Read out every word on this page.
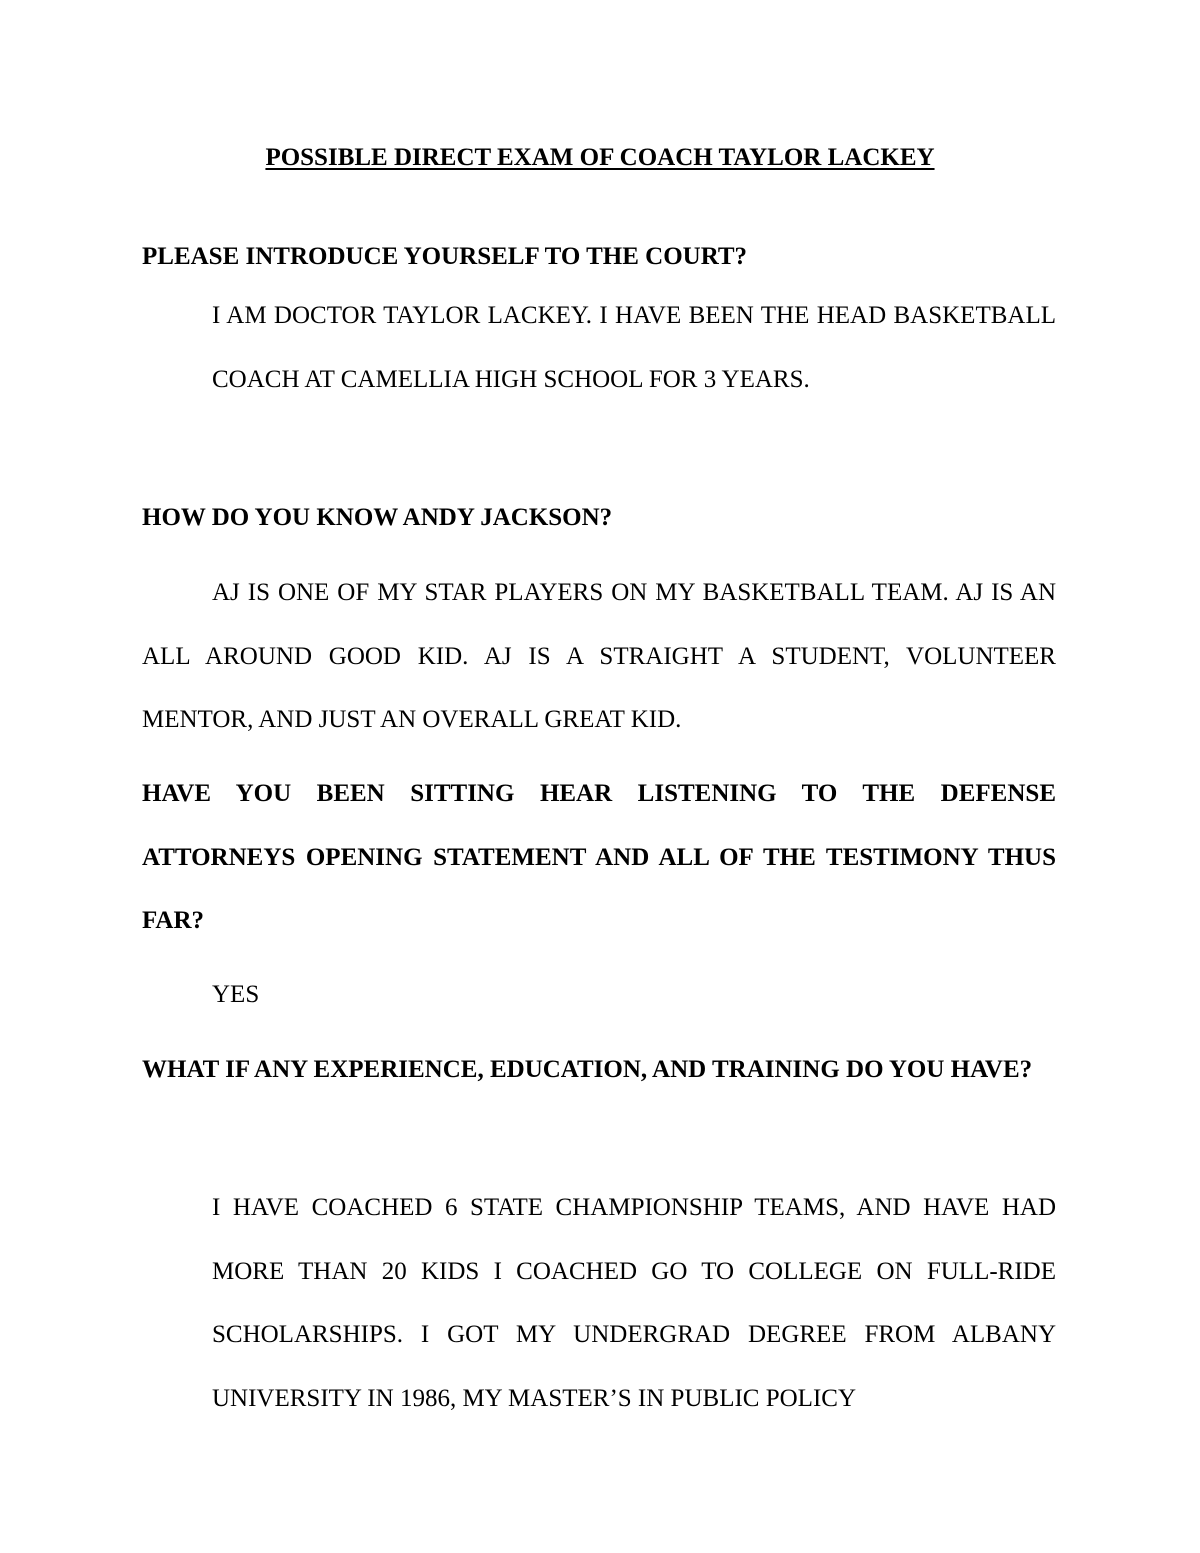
POSSIBLE DIRECT EXAM OF COACH TAYLOR LACKEY

PLEASE INTRODUCE YOURSELF TO THE COURT?

I AM DOCTOR TAYLOR LACKEY. I HAVE BEEN THE HEAD BASKETBALL COACH AT CAMELLIA HIGH SCHOOL FOR 3 YEARS.

HOW DO YOU KNOW ANDY JACKSON?

AJ IS ONE OF MY STAR PLAYERS ON MY BASKETBALL TEAM. AJ IS AN ALL AROUND GOOD KID. AJ IS A STRAIGHT A STUDENT, VOLUNTEER MENTOR, AND JUST AN OVERALL GREAT KID.

HAVE YOU BEEN SITTING HEAR LISTENING TO THE DEFENSE ATTORNEYS OPENING STATEMENT AND ALL OF THE TESTIMONY THUS FAR?

YES

WHAT IF ANY EXPERIENCE, EDUCATION, AND TRAINING DO YOU HAVE?

I HAVE COACHED 6 STATE CHAMPIONSHIP TEAMS, AND HAVE HAD MORE THAN 20 KIDS I COACHED GO TO COLLEGE ON FULL-RIDE SCHOLARSHIPS. I GOT MY UNDERGRAD DEGREE FROM ALBANY UNIVERSITY IN 1986, MY MASTER’S IN PUBLIC POLICY
